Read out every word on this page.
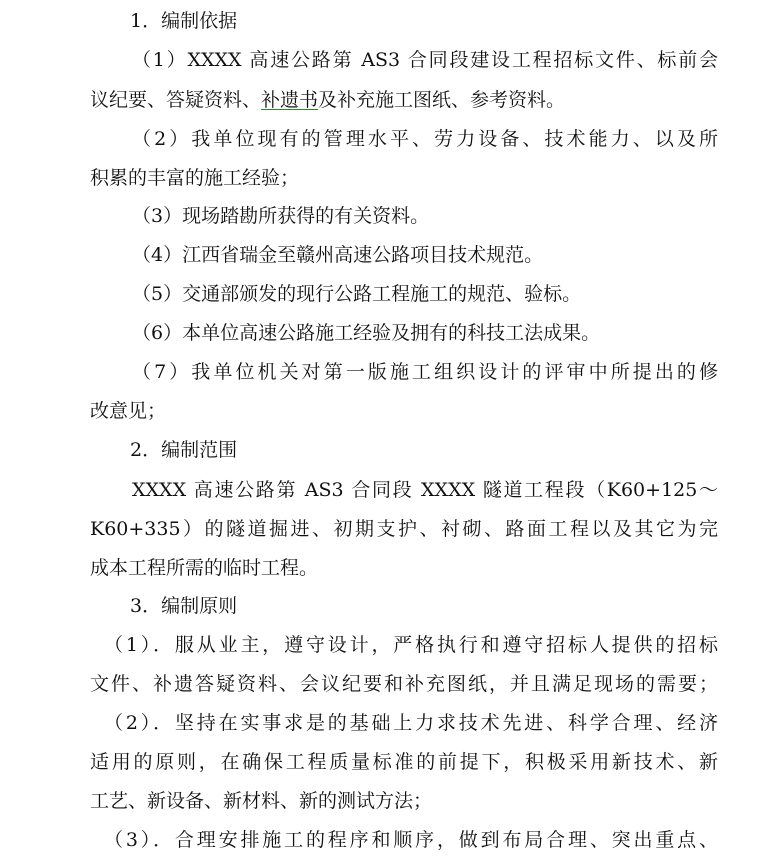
1．编制依据
（1）XXXX 高速公路第 AS3 合同段建设工程招标文件、标前会
议纪要、答疑资料、补遗书及补充施工图纸、参考资料。
（2）我单位现有的管理水平、劳力设备、技术能力、以及所
积累的丰富的施工经验；
（3）现场踏勘所获得的有关资料。
（4）江西省瑞金至赣州高速公路项目技术规范。
（5）交通部颁发的现行公路工程施工的规范、验标。
（6）本单位高速公路施工经验及拥有的科技工法成果。
（7）我单位机关对第一版施工组织设计的评审中所提出的修
改意见；
2．编制范围
XXXX 高速公路第 AS3 合同段 XXXX 隧道工程段（K60+125～
K60+335）的隧道掘进、初期支护、衬砌、路面工程以及其它为完
成本工程所需的临时工程。
3．编制原则
（1）．服从业主，遵守设计，严格执行和遵守招标人提供的招标
文件、补遗答疑资料、会议纪要和补充图纸，并且满足现场的需要；
（2）．坚持在实事求是的基础上力求技术先进、科学合理、经济
适用的原则，在确保工程质量标准的前提下，积极采用新技术、新
工艺、新设备、新材料、新的测试方法；
（3）．合理安排施工的程序和顺序，做到布局合理、突出重点、
